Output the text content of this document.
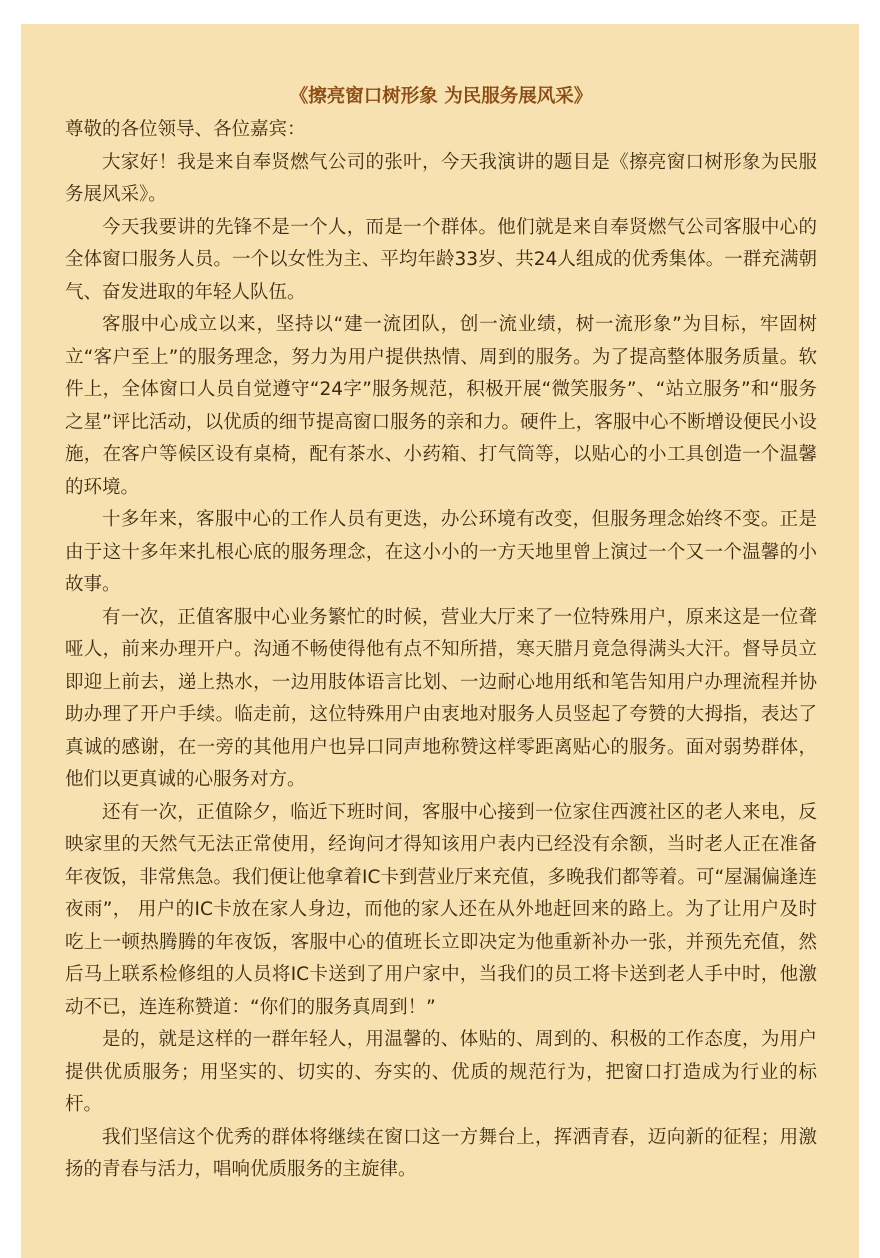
《擦亮窗口树形象 为民服务展风采》
尊敬的各位领导、各位嘉宾：

大家好！我是来自奉贤燃气公司的张叶，今天我演讲的题目是《擦亮窗口树形象为民服务展风采》。

今天我要讲的先锋不是一个人，而是一个群体。他们就是来自奉贤燃气公司客服中心的全体窗口服务人员。一个以女性为主、平均年龄33岁、共24人组成的优秀集体。一群充满朝气、奋发进取的年轻人队伍。

客服中心成立以来，坚持以“建一流团队，创一流业绩，树一流形象”为目标，牢固树立“客户至上”的服务理念，努力为用户提供热情、周到的服务。为了提高整体服务质量。软件上，全体窗口人员自觉遵守“24字”服务规范，积极开展“微笑服务”、“站立服务”和“服务之星”评比活动，以优质的细节提高窗口服务的亲和力。硬件上，客服中心不断增设便民小设施，在客户等候区设有桌椅，配有茶水、小药箱、打气筒等，以贴心的小工具创造一个温馨的环境。

十多年来，客服中心的工作人员有更迭，办公环境有改变，但服务理念始终不变。正是由于这十多年来扎根心底的服务理念，在这小小的一方天地里曾上演过一个又一个温馨的小故事。

有一次，正值客服中心业务繁忙的时候，营业大厅来了一位特殊用户，原来这是一位聋哑人，前来办理开户。沟通不畅使得他有点不知所措，寒天腊月竟急得满头大汗。督导员立即迎上前去，递上热水，一边用肢体语言比划、一边耐心地用纸和笔告知用户办理流程并协助办理了开户手续。临走前，这位特殊用户由衷地对服务人员竖起了夸赞的大拇指，表达了真诚的感谢，在一旁的其他用户也异口同声地称赞这样零距离贴心的服务。面对弱势群体，他们以更真诚的心服务对方。

还有一次，正值除夕，临近下班时间，客服中心接到一位家住西渡社区的老人来电，反映家里的天然气无法正常使用，经询问才得知该用户表内已经没有余额，当时老人正在准备年夜饭，非常焦急。我们便让他拿着IC卡到营业厅来充值，多晚我们都等着。可“屋漏偏逢连夜雨”， 用户的IC卡放在家人身边，而他的家人还在从外地赶回来的路上。为了让用户及时吃上一顿热腾腾的年夜饭，客服中心的值班长立即决定为他重新补办一张，并预先充值，然后马上联系检修组的人员将IC卡送到了用户家中，当我们的员工将卡送到老人手中时，他激动不已，连连称赞道：“你们的服务真周到！”

是的，就是这样的一群年轻人，用温馨的、体贴的、周到的、积极的工作态度，为用户提供优质服务；用坚实的、切实的、夯实的、优质的规范行为，把窗口打造成为行业的标杆。

我们坚信这个优秀的群体将继续在窗口这一方舞台上，挥洒青春，迈向新的征程；用激扬的青春与活力，唱响优质服务的主旋律。
